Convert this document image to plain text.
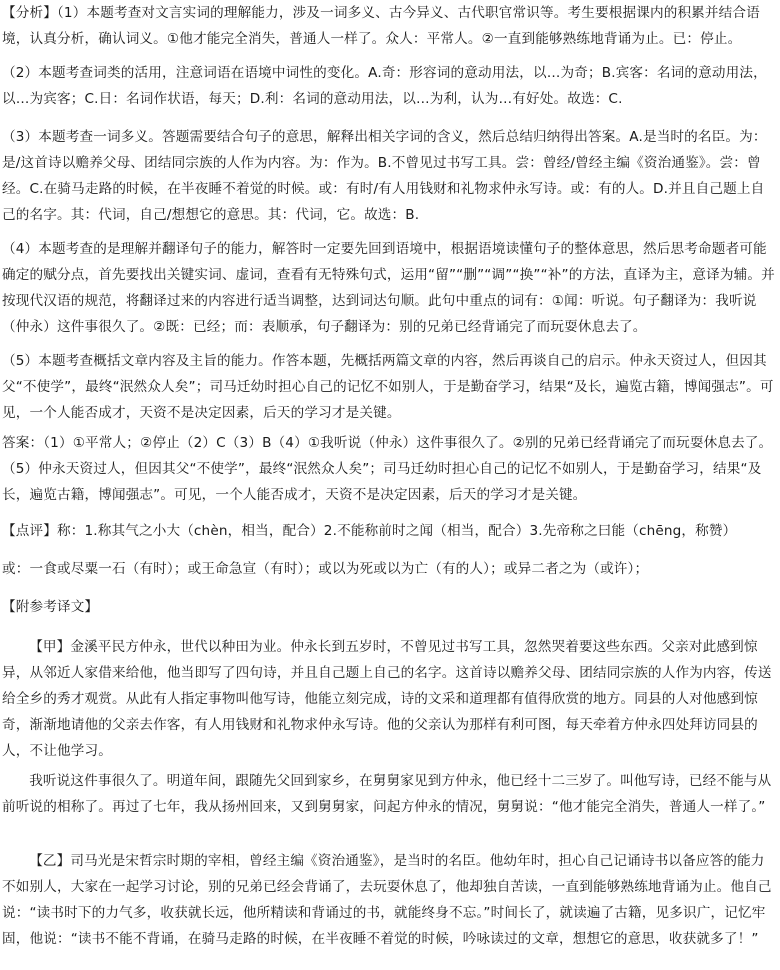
【分析】（1）本题考查对文言实词的理解能力，涉及一词多义、古今异义、古代职官常识等。考生要根据课内的积累并结合语境，认真分析，确认词义。①他才能完全消失，普通人一样了。众人：平常人。②一直到能够熟练地背诵为止。已：停止。

（2）本题考查词类的活用，注意词语在语境中词性的变化。A.奇：形容词的意动用法，以…为奇；B.宾客：名词的意动用法，以…为宾客；C.日：名词作状语，每天；D.利：名词的意动用法，以…为利，认为…有好处。故选：C.

（3）本题考查一词多义。答题需要结合句子的意思，解释出相关字词的含义，然后总结归纳得出答案。A.是当时的名臣。为：是/这首诗以赡养父母、团结同宗族的人作为内容。为：作为。B.不曾见过书写工具。尝：曾经/曾经主编《资治通鉴》。尝：曾经。C.在骑马走路的时候，在半夜睡不着觉的时候。或：有时/有人用钱财和礼物求仲永写诗。或：有的人。D.并且自己题上自己的名字。其：代词，自己/想想它的意思。其：代词，它。故选：B.

（4）本题考查的是理解并翻译句子的能力，解答时一定要先回到语境中，根据语境读懂句子的整体意思，然后思考命题者可能确定的赋分点，首先要找出关键实词、虚词，查看有无特殊句式，运用“留”“删”“调”“换”“补”的方法，直译为主，意译为辅。并按现代汉语的规范，将翻译过来的内容进行适当调整，达到词达句顺。此句中重点的词有：①闻：听说。句子翻译为：我听说（仲永）这件事很久了。②既：已经；而：表顺承，句子翻译为：别的兄弟已经背诵完了而玩耍休息去了。

（5）本题考查概括文章内容及主旨的能力。作答本题，先概括两篇文章的内容，然后再谈自己的启示。仲永天资过人，但因其父“不使学”，最终“泯然众人矣”；司马迁幼时担心自己的记忆不如别人，于是勤奋学习，结果“及长，遍览古籍，博闻强志”。可见，一个人能否成才，天资不是决定因素，后天的学习才是关键。

答案：（1）①平常人；②停止（2）C（3）B（4）①我听说（仲永）这件事很久了。②别的兄弟已经背诵完了而玩耍休息去了。（5）仲永天资过人，但因其父“不使学”，最终“泯然众人矣”；司马迁幼时担心自己的记忆不如别人，于是勤奋学习，结果“及长，遍览古籍，博闻强志”。可见，一个人能否成才，天资不是决定因素，后天的学习才是关键。

【点评】称：1.称其气之小大（chèn，相当，配合）2.不能称前时之闻（相当，配合）3.先帝称之曰能（chēng，称赞）

或：一食或尽粟一石（有时）；或王命急宣（有时）；或以为死或以为亡（有的人）；或异二者之为（或许）；

【附参考译文】

【甲】金溪平民方仲永，世代以种田为业。仲永长到五岁时，不曾见过书写工具，忽然哭着要这些东西。父亲对此感到惊异，从邻近人家借来给他，他当即写了四句诗，并且自己题上自己的名字。这首诗以赡养父母、团结同宗族的人作为内容，传送给全乡的秀才观赏。从此有人指定事物叫他写诗，他能立刻完成，诗的文采和道理都有值得欣赏的地方。同县的人对他感到惊奇，渐渐地请他的父亲去作客，有人用钱财和礼物求仲永写诗。他的父亲认为那样有利可图，每天牵着方仲永四处拜访同县的人，不让他学习。

我听说这件事很久了。明道年间，跟随先父回到家乡，在舅舅家见到方仲永，他已经十二三岁了。叫他写诗，已经不能与从前听说的相称了。再过了七年，我从扬州回来，又到舅舅家，问起方仲永的情况，舅舅说：“他才能完全消失，普通人一样了。”

【乙】司马光是宋哲宗时期的宰相，曾经主编《资治通鉴》，是当时的名臣。他幼年时，担心自己记诵诗书以备应答的能力不如别人，大家在一起学习讨论，别的兄弟已经会背诵了，去玩耍休息了，他却独自苦读，一直到能够熟练地背诵为止。他自己说：“读书时下的力气多，收获就长远，他所精读和背诵过的书，就能终身不忘。”时间长了，就读遍了古籍，见多识广，记忆牢固，他说：“读书不能不背诵，在骑马走路的时候，在半夜睡不着觉的时候，吟咏读过的文章，想想它的意思，收获就多了！”
